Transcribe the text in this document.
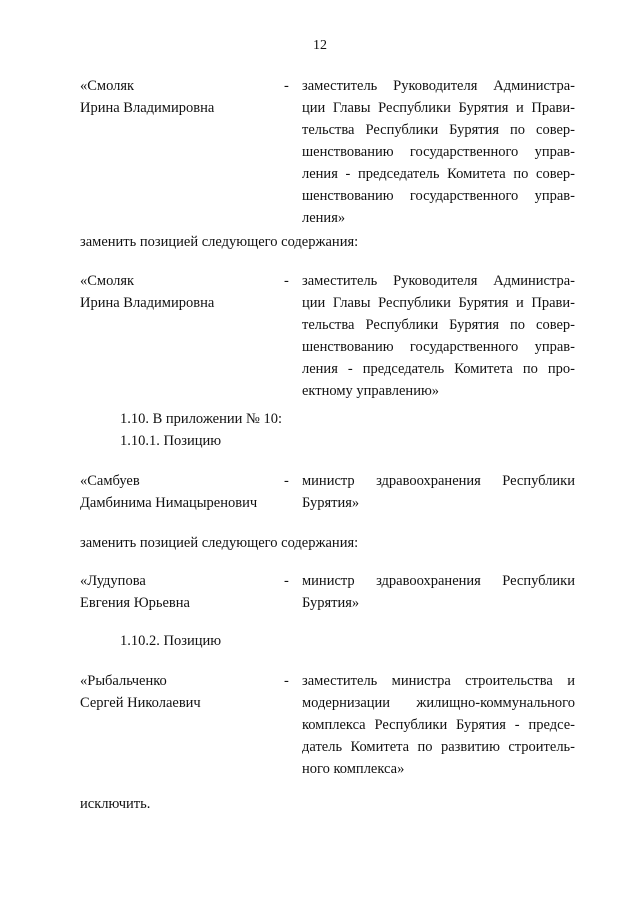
12
«Смоляк
Ирина Владимировна
- заместитель Руководителя Администра-
ции Главы Республики Бурятия и Прави-
тельства Республики Бурятия по совер-
шенствованию государственного управ-
ления - председатель Комитета по совер-
шенствованию государственного управ-
ления»
заменить позицией следующего содержания:
«Смоляк
Ирина Владимировна
- заместитель Руководителя Администра-
ции Главы Республики Бурятия и Прави-
тельства Республики Бурятия по совер-
шенствованию государственного управ-
ления - председатель Комитета по про-
ектному управлению»
1.10. В приложении № 10:
1.10.1. Позицию
«Самбуев
Дамбинима Нимацыренович
- министр здравоохранения Республики
Бурятия»
заменить позицией следующего содержания:
«Лудупова
Евгения Юрьевна
- министр здравоохранения Республики
Бурятия»
1.10.2. Позицию
«Рыбальченко
Сергей Николаевич
- заместитель министра строительства и
модернизации жилищно-коммунального
комплекса Республики Бурятия - предсе-
датель Комитета по развитию строитель-
ного комплекса»
исключить.
